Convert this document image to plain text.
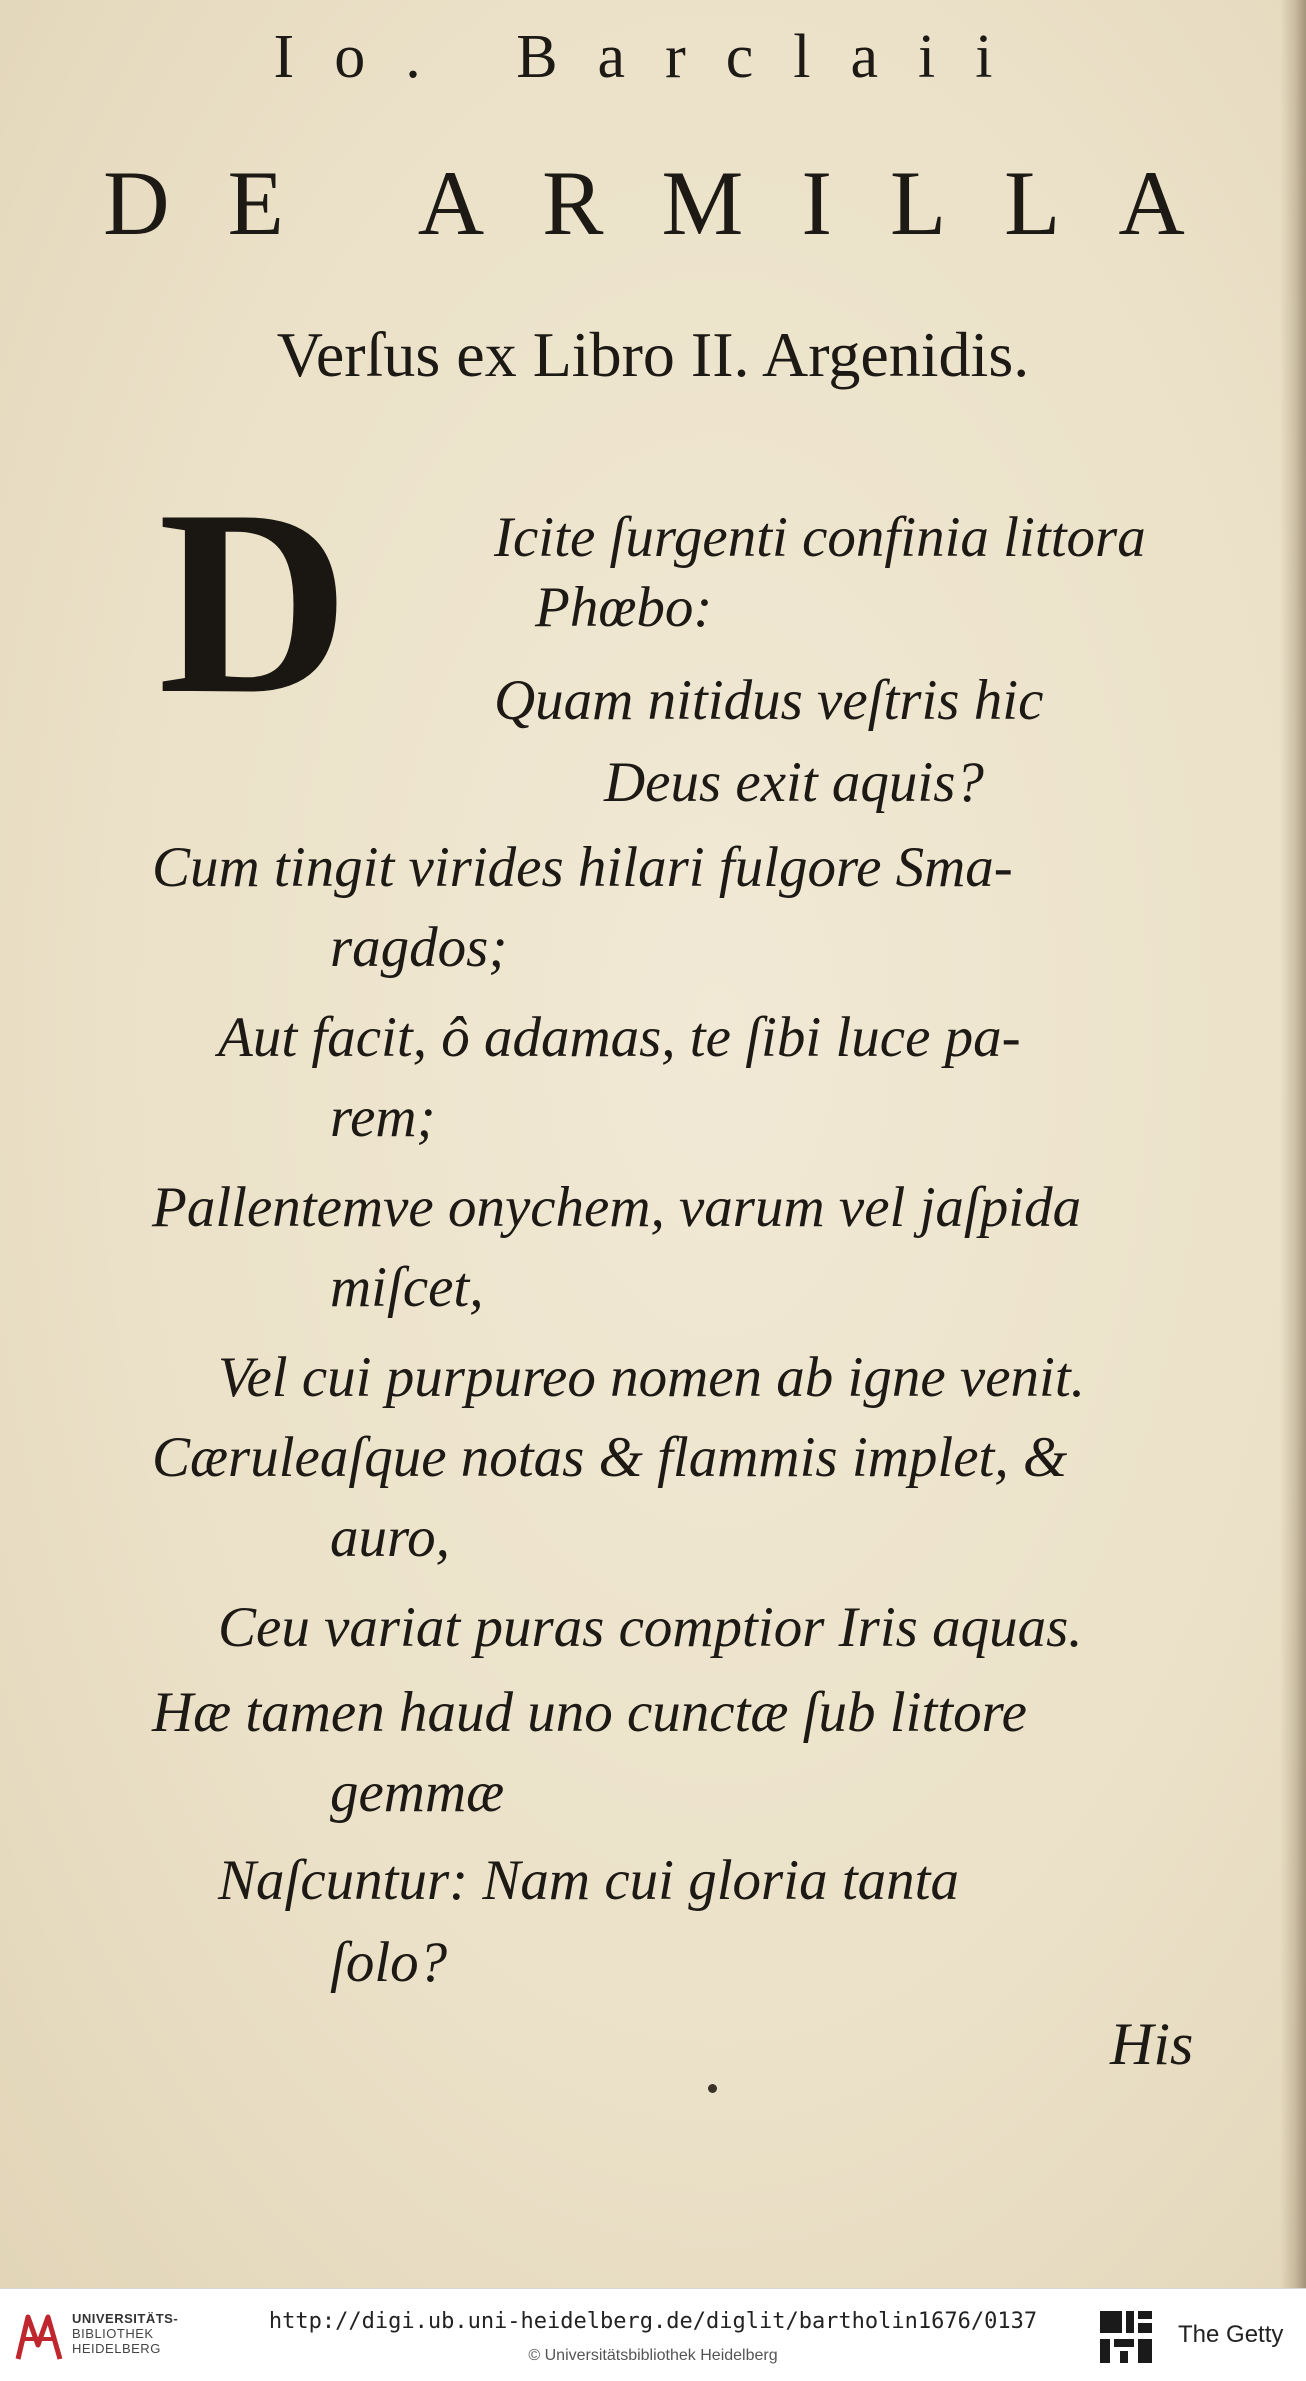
Io. Barclaii
DE ARMILLA
Verſus ex Libro II. Argenidis.
D	Icite ſurgenti confinia littora
Phœbo:
Quam nitidus veſtris hic
Deus exit aquis?
Cum tingit virides hilari fulgore Sma-
ragdos;
Aut facit, ô adamas, te ſibi luce pa-
rem;
Pallentemve onychem, varum vel jaſpida
miſcet,
Vel cui purpureo nomen ab igne venit.
Cæruleaſque notas & flammis implet, &
auro,
Ceu variat puras comptior Iris aquas.
Hæ tamen haud uno cunctæ ſub littore
gemmæ
Naſcuntur: Nam cui gloria tanta
ſolo?
His
UNIVERSITÄTS-
BIBLIOTHEK
HEIDELBERG
http://digi.ub.uni-heidelberg.de/diglit/bartholin1676/0137
© Universitätsbibliothek Heidelberg
The Getty
